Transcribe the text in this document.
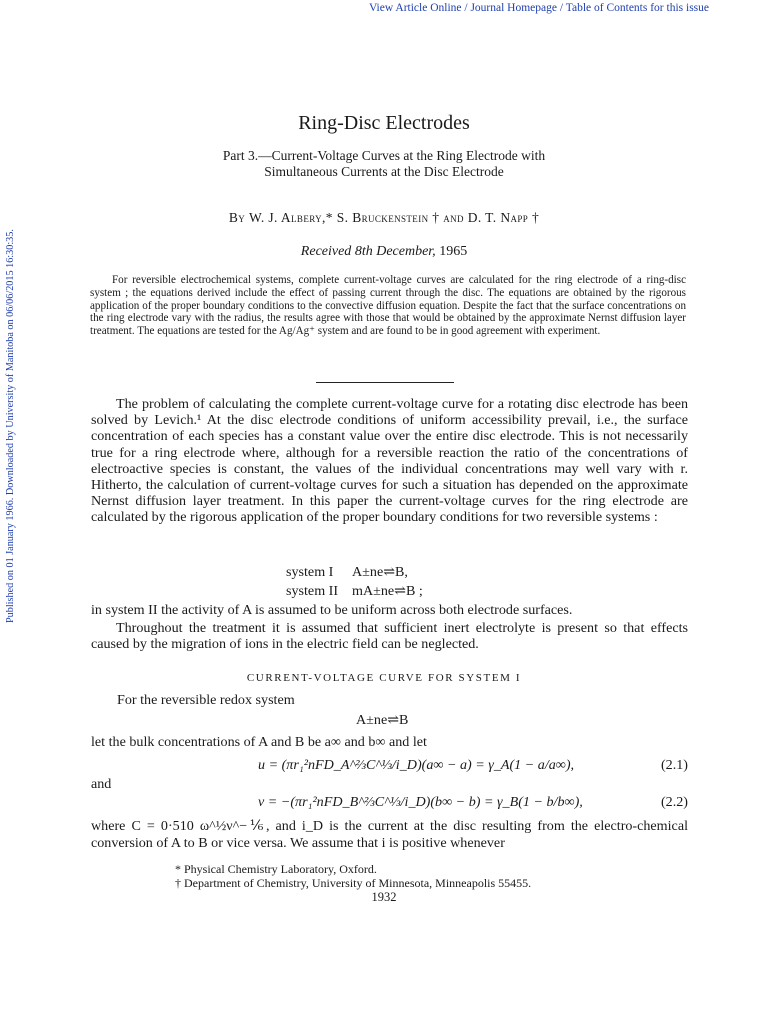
View Article Online / Journal Homepage / Table of Contents for this issue
Published on 01 January 1966. Downloaded by University of Manitoba on 06/06/2015 16:30:35.
Ring-Disc Electrodes
Part 3.—Current-Voltage Curves at the Ring Electrode with
Simultaneous Currents at the Disc Electrode
By W. J. Albery,* S. Bruckenstein † and D. T. Napp †
Received 8th December, 1965
For reversible electrochemical systems, complete current-voltage curves are calculated for the ring electrode of a ring-disc system ; the equations derived include the effect of passing current through the disc. The equations are obtained by the rigorous application of the proper boundary conditions to the convective diffusion equation. Despite the fact that the surface concentrations on the ring electrode vary with the radius, the results agree with those that would be obtained by the approximate Nernst diffusion layer treatment. The equations are tested for the Ag/Ag⁺ system and are found to be in good agreement with experiment.
The problem of calculating the complete current-voltage curve for a rotating disc electrode has been solved by Levich.¹ At the disc electrode conditions of uniform accessibility prevail, i.e., the surface concentration of each species has a constant value over the entire disc electrode. This is not necessarily true for a ring electrode where, although for a reversible reaction the ratio of the concentrations of electroactive species is constant, the values of the individual concentrations may well vary with r. Hitherto, the calculation of current-voltage curves for such a situation has depended on the approximate Nernst diffusion layer treatment. In this paper the current-voltage curves for the ring electrode are calculated by the rigorous application of the proper boundary conditions for two reversible systems :
system I A±ne⇌B,
system II mA±ne⇌B ;
in system II the activity of A is assumed to be uniform across both electrode surfaces.
Throughout the treatment it is assumed that sufficient inert electrolyte is present so that effects caused by the migration of ions in the electric field can be neglected.
CURRENT-VOLTAGE CURVE FOR SYSTEM I
For the reversible redox system
A±ne⇌B
let the bulk concentrations of A and B be a∞ and b∞ and let
u = (πr₁²nFD_A^⅔C^⅓/i_D)(a∞ − a) = γ_A(1 − a/a∞),	(2.1)
and
v = −(πr₁²nFD_B^⅔C^⅓/i_D)(b∞ − b) = γ_B(1 − b/b∞),	(2.2)
where C = 0·510 ω^½ν^−⅙, and i_D is the current at the disc resulting from the electro-chemical conversion of A to B or vice versa. We assume that i is positive whenever
* Physical Chemistry Laboratory, Oxford.
† Department of Chemistry, University of Minnesota, Minneapolis 55455.
1932
